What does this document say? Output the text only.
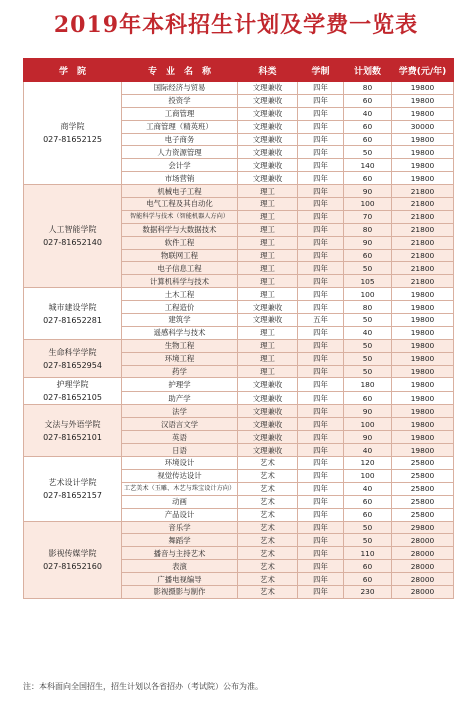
2019年本科招生计划及学费一览表
学　院	专　业　名　称	科类	学制	计划数	学费(元/年)

商学院
027-81652125	国际经济与贸易	文理兼收	四年	80	19800
	投资学	文理兼收	四年	60	19800
	工商管理	文理兼收	四年	40	19800
	工商管理（精英班）	文理兼收	四年	60	30000
	电子商务	文理兼收	四年	60	19800
	人力资源管理	文理兼收	四年	50	19800
	会计学	文理兼收	四年	140	19800
	市场营销	文理兼收	四年	60	19800

人工智能学院
027-81652140	机械电子工程	理工	四年	90	21800
	电气工程及其自动化	理工	四年	100	21800
	智能科学与技术（智能机器人方向）	理工	四年	70	21800
	数据科学与大数据技术	理工	四年	80	21800
	软件工程	理工	四年	90	21800
	物联网工程	理工	四年	60	21800
	电子信息工程	理工	四年	50	21800
	计算机科学与技术	理工	四年	105	21800

城市建设学院
027-81652281	土木工程	理工	四年	100	19800
	工程造价	文理兼收	四年	80	19800
	建筑学	文理兼收	五年	50	19800
	遥感科学与技术	理工	四年	40	19800

生命科学学院
027-81652954	生物工程	理工	四年	50	19800
	环境工程	理工	四年	50	19800
	药学	理工	四年	50	19800

护理学院
027-81652105	护理学	文理兼收	四年	180	19800
	助产学	文理兼收	四年	60	19800

文法与外语学院
027-81652101	法学	文理兼收	四年	90	19800
	汉语言文学	文理兼收	四年	100	19800
	英语	文理兼收	四年	90	19800
	日语	文理兼收	四年	40	19800

艺术设计学院
027-81652157	环境设计	艺术	四年	120	25800
	视觉传达设计	艺术	四年	100	25800
	工艺美术（玉雕、木艺与珠宝设计方向）	艺术	四年	40	25800
	动画	艺术	四年	60	25800
	产品设计	艺术	四年	60	25800

影视传媒学院
027-81652160	音乐学	艺术	四年	50	29800
	舞蹈学	艺术	四年	50	28000
	播音与主持艺术	艺术	四年	110	28000
	表演	艺术	四年	60	28000
	广播电视编导	艺术	四年	60	28000
	影视摄影与制作	艺术	四年	230	28000
注：本科面向全国招生，招生计划以各省招办（考试院）公布为准。
